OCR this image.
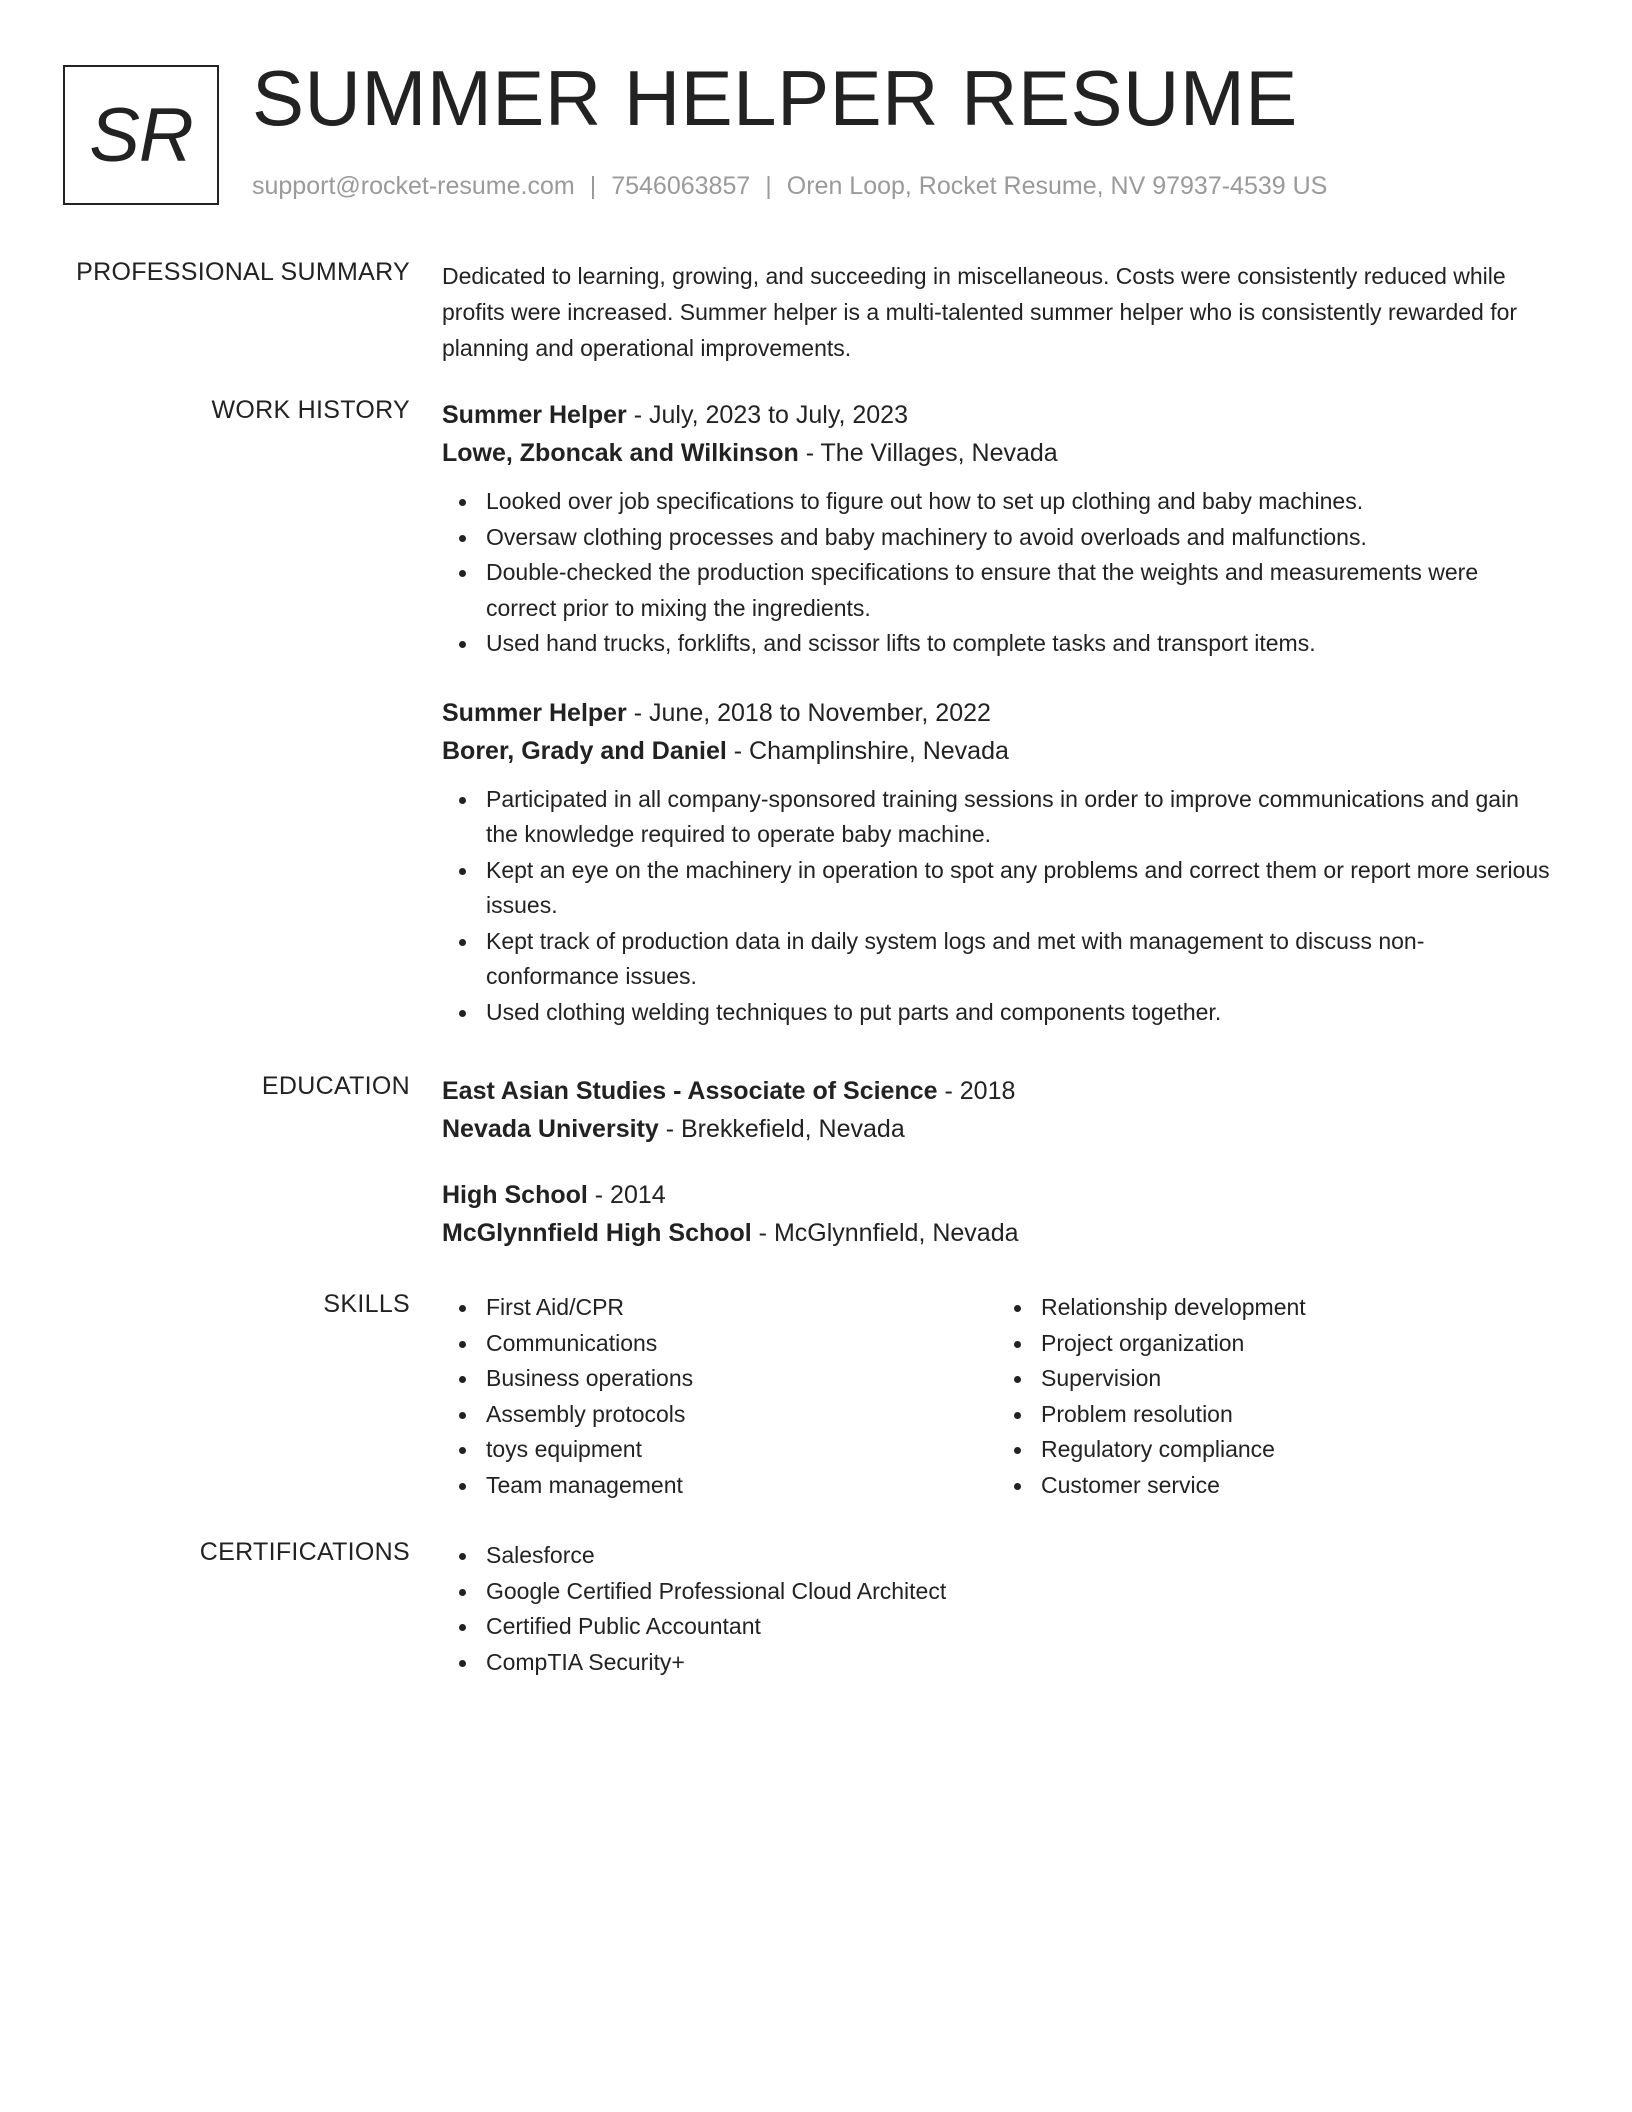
SR SUMMER HELPER RESUME
support@rocket-resume.com | 7546063857 | Oren Loop, Rocket Resume, NV 97937-4539 US
PROFESSIONAL SUMMARY Dedicated to learning, growing, and succeeding in miscellaneous. Costs were consistently reduced while profits were increased. Summer helper is a multi-talented summer helper who is consistently rewarded for planning and operational improvements.

WORK HISTORY Summer Helper - July, 2023 to July, 2023
Lowe, Zboncak and Wilkinson - The Villages, Nevada
Looked over job specifications to figure out how to set up clothing and baby machines.
Oversaw clothing processes and baby machinery to avoid overloads and malfunctions.
Double-checked the production specifications to ensure that the weights and measurements were correct prior to mixing the ingredients.
Used hand trucks, forklifts, and scissor lifts to complete tasks and transport items.
Summer Helper - June, 2018 to November, 2022
Borer, Grady and Daniel - Champlinshire, Nevada
Participated in all company-sponsored training sessions in order to improve communications and gain the knowledge required to operate baby machine.
Kept an eye on the machinery in operation to spot any problems and correct them or report more serious issues.
Kept track of production data in daily system logs and met with management to discuss non-conformance issues.
Used clothing welding techniques to put parts and components together.
EDUCATION East Asian Studies - Associate of Science - 2018
Nevada University - Brekkefield, Nevada
High School - 2014
McGlynnfield High School - McGlynnfield, Nevada
SKILLS	First Aid/CPR
Communications
Business operations
Assembly protocols
toys equipment
Team management
Relationship development
Project organization
Supervision
Problem resolution
Regulatory compliance
Customer service
CERTIFICATIONS	Salesforce
Google Certified Professional Cloud Architect
Certified Public Accountant
CompTIA Security+
